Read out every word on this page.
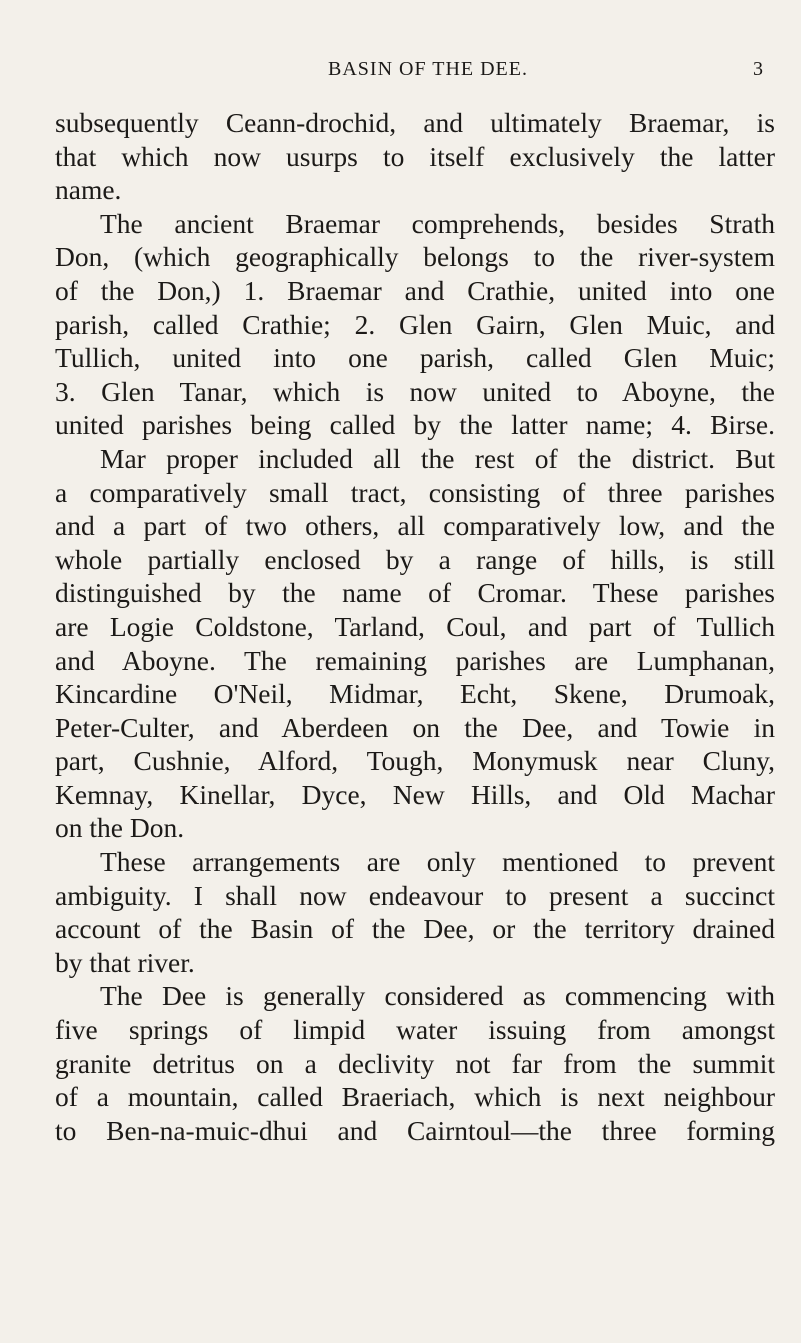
BASIN OF THE DEE.	3
subsequently Ceann-drochid, and ultimately Braemar, is
that which now usurps to itself exclusively the latter
name.
The ancient Braemar comprehends, besides Strath
Don, (which geographically belongs to the river-system
of the Don,) 1. Braemar and Crathie, united into one
parish, called Crathie; 2. Glen Gairn, Glen Muic, and
Tullich, united into one parish, called Glen Muic;
3. Glen Tanar, which is now united to Aboyne, the
united parishes being called by the latter name; 4. Birse.
Mar proper included all the rest of the district. But
a comparatively small tract, consisting of three parishes
and a part of two others, all comparatively low, and the
whole partially enclosed by a range of hills, is still
distinguished by the name of Cromar. These parishes
are Logie Coldstone, Tarland, Coul, and part of Tullich
and Aboyne. The remaining parishes are Lumphanan,
Kincardine O'Neil, Midmar, Echt, Skene, Drumoak,
Peter-Culter, and Aberdeen on the Dee, and Towie in
part, Cushnie, Alford, Tough, Monymusk near Cluny,
Kemnay, Kinellar, Dyce, New Hills, and Old Machar
on the Don.
These arrangements are only mentioned to prevent
ambiguity. I shall now endeavour to present a succinct
account of the Basin of the Dee, or the territory drained
by that river.
The Dee is generally considered as commencing with
five springs of limpid water issuing from amongst
granite detritus on a declivity not far from the summit
of a mountain, called Braeriach, which is next neighbour
to Ben-na-muic-dhui and Cairntoul—the three forming
